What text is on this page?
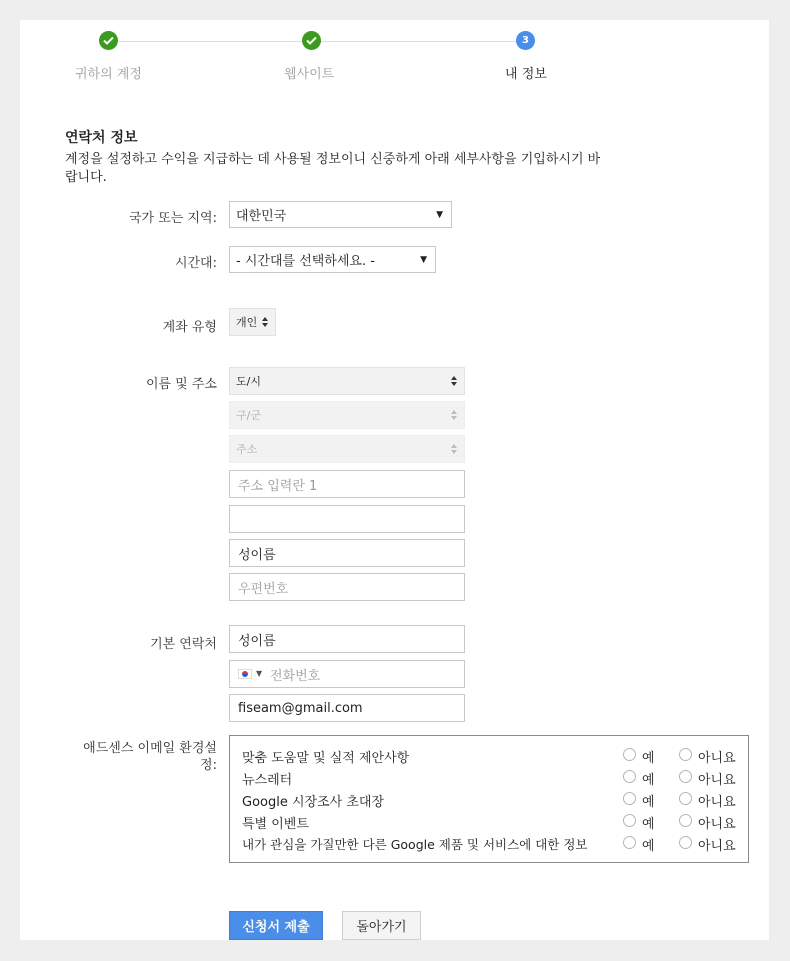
귀하의 계정	웹사이트
3
내 정보
연락처 정보
계정을 설정하고 수익을 지급하는 데 사용될 정보이니 신중하게 아래 세부사항을 기입하시기 바랍니다.
국가 또는 지역: 대한민국	▼
시간대: - 시간대를 선택하세요. -	▼
계좌 유형 개인
이름 및 주소 도/시
구/군
주소
주소 입력란 1
성이름
우편번호
기본 연락처 성이름
▼ 전화번호
fiseam@gmail.com
애드센스 이메일 환경설정: 맞춤 도움말 및 실적 제안사항	예	아니요
뉴스레터	예	아니요
Google 시장조사 초대장	예	아니요
특별 이벤트	예	아니요
내가 관심을 가질만한 다른 Google 제품 및 서비스에 대한 정보	예	아니요
신청서 제출	돌아가기
